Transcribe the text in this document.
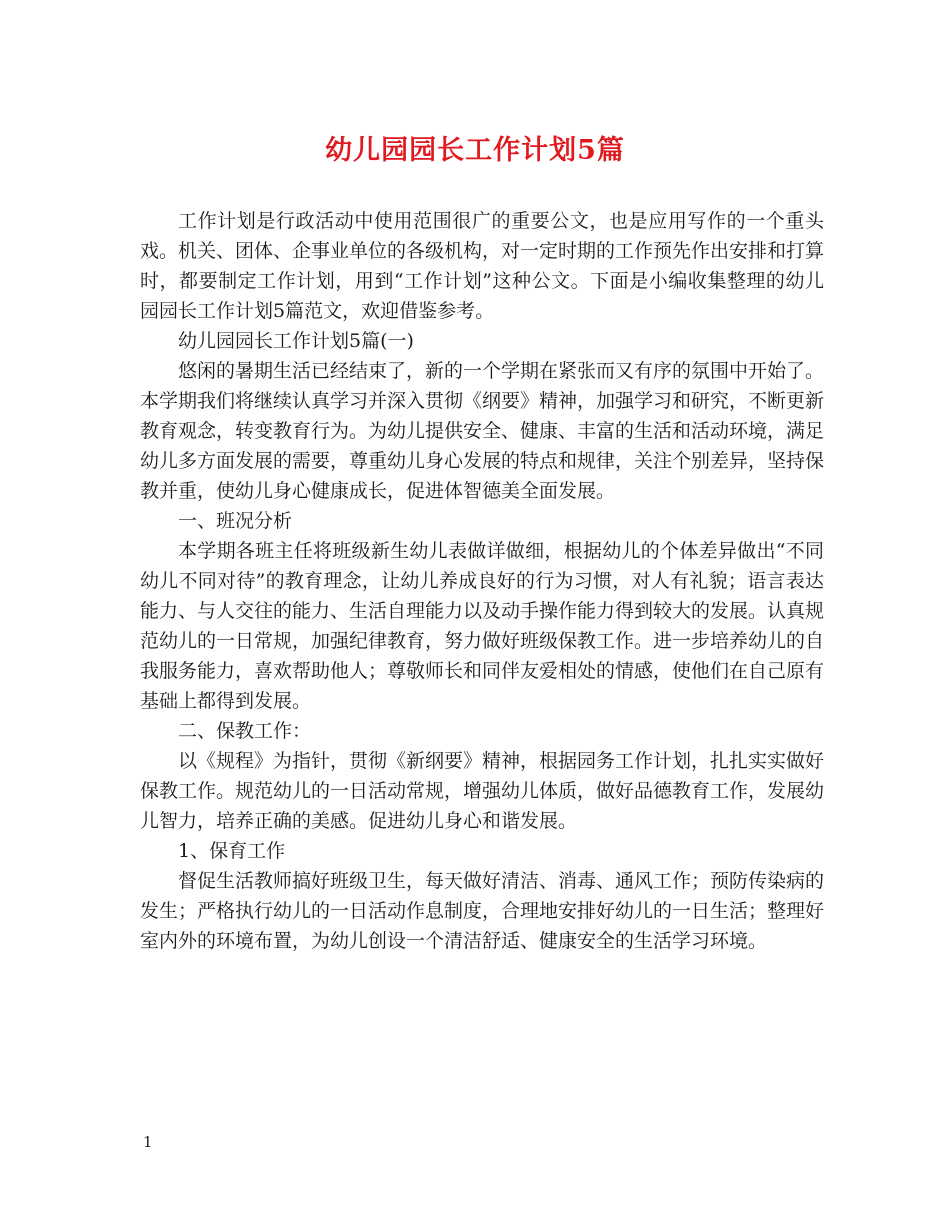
幼儿园园长工作计划5篇

工作计划是行政活动中使用范围很广的重要公文，也是应用写作的一个重头戏。机关、团体、企事业单位的各级机构，对一定时期的工作预先作出安排和打算时，都要制定工作计划，用到“工作计划”这种公文。下面是小编收集整理的幼儿园园长工作计划5篇范文，欢迎借鉴参考。

幼儿园园长工作计划5篇(一)

悠闲的暑期生活已经结束了，新的一个学期在紧张而又有序的氛围中开始了。本学期我们将继续认真学习并深入贯彻《纲要》精神，加强学习和研究，不断更新教育观念，转变教育行为。为幼儿提供安全、健康、丰富的生活和活动环境，满足幼儿多方面发展的需要，尊重幼儿身心发展的特点和规律，关注个别差异，坚持保教并重，使幼儿身心健康成长，促进体智德美全面发展。

一、班况分析

本学期各班主任将班级新生幼儿表做详做细，根据幼儿的个体差异做出“不同幼儿不同对待”的教育理念，让幼儿养成良好的行为习惯，对人有礼貌；语言表达能力、与人交往的能力、生活自理能力以及动手操作能力得到较大的发展。认真规范幼儿的一日常规，加强纪律教育，努力做好班级保教工作。进一步培养幼儿的自我服务能力，喜欢帮助他人；尊敬师长和同伴友爱相处的情感，使他们在自己原有基础上都得到发展。

二、保教工作：

以《规程》为指针，贯彻《新纲要》精神，根据园务工作计划，扎扎实实做好保教工作。规范幼儿的一日活动常规，增强幼儿体质，做好品德教育工作，发展幼儿智力，培养正确的美感。促进幼儿身心和谐发展。

1、保育工作

督促生活教师搞好班级卫生，每天做好清洁、消毒、通风工作；预防传染病的发生；严格执行幼儿的一日活动作息制度，合理地安排好幼儿的一日生活；整理好室内外的环境布置，为幼儿创设一个清洁舒适、健康安全的生活学习环境。

1
